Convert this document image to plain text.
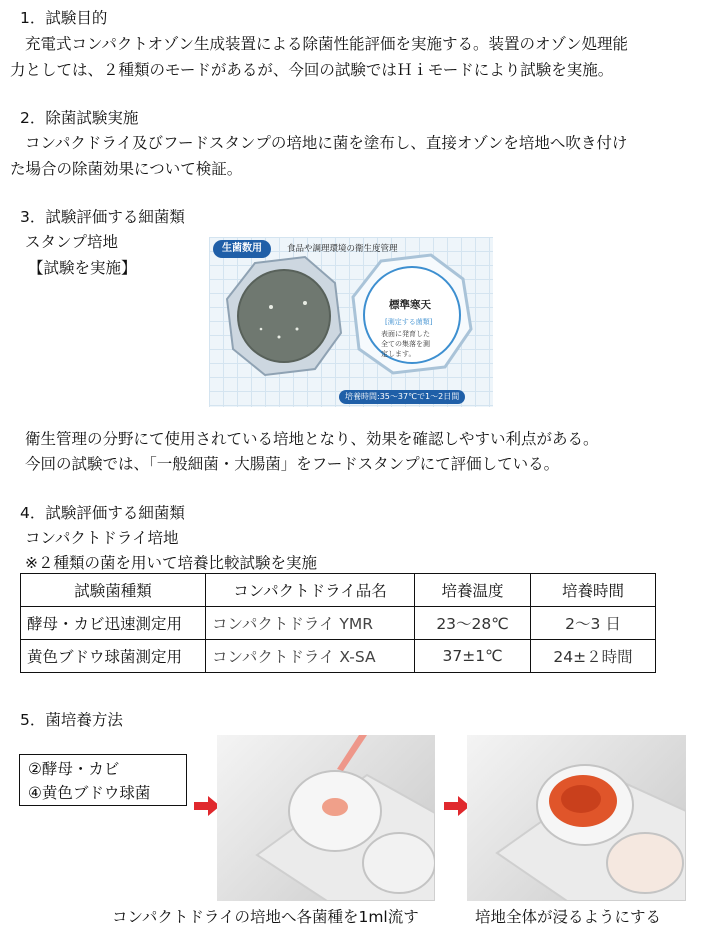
1．試験目的
充電式コンパクトオゾン生成装置による除菌性能評価を実施する。装置のオゾン処理能
力としては、２種類のモードがあるが、今回の試験ではＨｉモードにより試験を実施。
2．除菌試験実施
コンパクドライ及びフードスタンプの培地に菌を塗布し、直接オゾンを培地へ吹き付け
た場合の除菌効果について検証。
3．試験評価する細菌類
スタンプ培地
【試験を実施】
生菌数用	食品や調理環境の衛生度管理
標準寒天
[測定する菌類]
表面に発育した
全ての集落を測
定します。
培養時間:35～37℃で1～2日間
衛生管理の分野にて使用されている培地となり、効果を確認しやすい利点がある。
今回の試験では、「一般細菌・大腸菌」をフードスタンプにて評価している。
4．試験評価する細菌類
コンパクトドライ培地
※２種類の菌を用いて培養比較試験を実施
試験菌種類	コンパクトドライ品名	培養温度	培養時間
酵母・カビ迅速測定用	コンパクトドライ YMR	23～28℃	2～3 日
黄色ブドウ球菌測定用	コンパクトドライ X-SA	37±1℃	24±２時間
5．菌培養方法
②酵母・カビ
④黄色ブドウ球菌
コンパクトドライの培地へ各菌種を1ml流す	培地全体が浸るようにする
